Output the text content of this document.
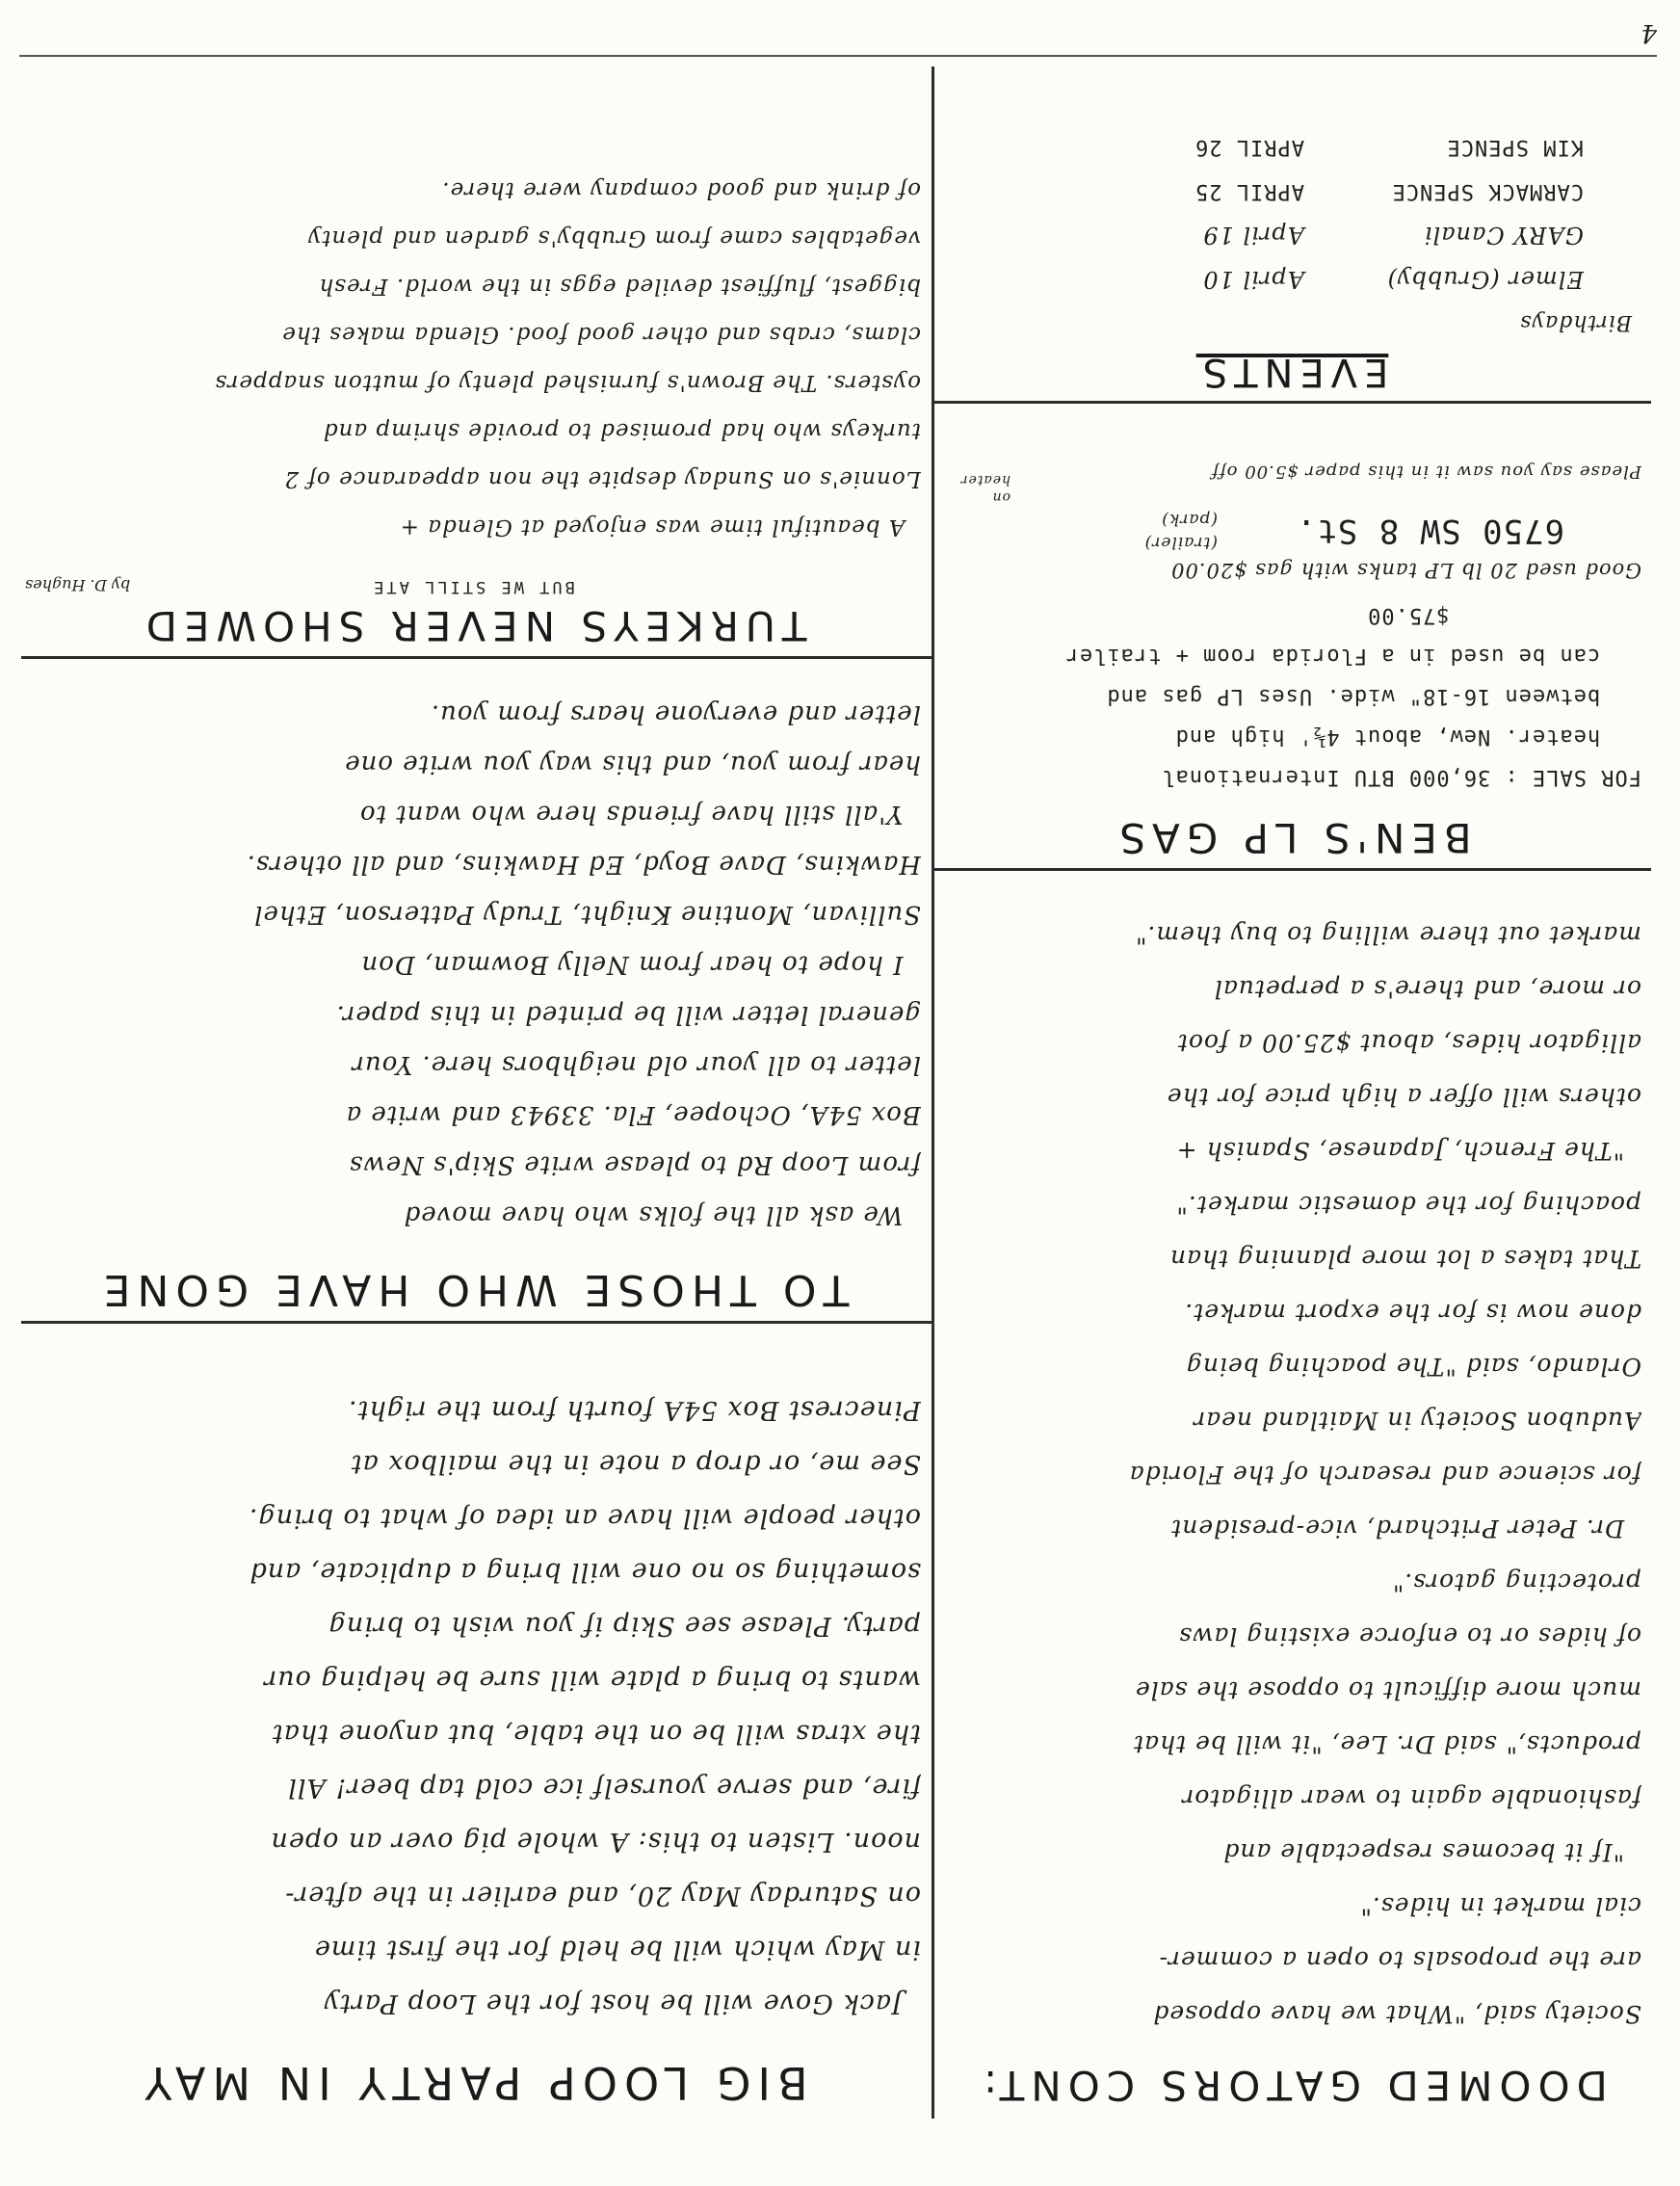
DOOMED GATORS CONT:

Society said, "What we have opposed
are the proposals to open a commer-
cial market in hides."
"If it becomes respectable and
fashionable again to wear alligator
products," said Dr. Lee, "it will be that
much more difficult to oppose the sale
of hides or to enforce existing laws
protecting gators."
Dr. Peter Pritchard, vice-president
for science and research of the Florida
Audubon Society in Maitland near
Orlando, said "The poaching being
done now is for the export market.
That takes a lot more planning than
poaching for the domestic market."
"The French, Japanese, Spanish +
others will offer a high price for the
alligator hides, about $25.00 a foot
or more, and there's a perpetual
market out there willing to buy them."

BEN'S LP GAS

FOR SALE : 36,000 BTU International
heater. New, about 4½' high and
between 16-18" wide. Uses LP gas and
can be used in a Florida room + trailer
$75.00

Good used 20 lb LP tanks with gas $20.00

6750 SW 8 St.

(trailer)
(park)

Please say you saw it in this paper $5.00 off

on
heater

EVENTS

Birthdays

Elmer (Grubby)
April 10
GARY Canali
April 19
CARMACK SPENCE
APRIL 25
KIM SPENCE
APRIL 26
BIG LOOP PARTY IN MAY

Jack Gove will be host for the Loop Party
in May which will be held for the first time
on Saturday May 20, and earlier in the after-
noon. Listen to this: A whole pig over an open
fire, and serve yourself ice cold tap beer! All
the xtras will be on the table, but anyone that
wants to bring a plate will sure be helping our
party. Please see Skip if you wish to bring
something so no one will bring a duplicate, and
other people will have an idea of what to bring.
See me, or drop a note in the mailbox at
Pinecrest Box 54A fourth from the right.

TO THOSE WHO HAVE GONE

We ask all the folks who have moved
from Loop Rd to please write Skip's News
Box 54A, Ochopee, Fla. 33943 and write a
letter to all your old neighbors here. Your
general letter will be printed in this paper.
I hope to hear from Nelly Bowman, Don
Sullivan, Montine Knight, Trudy Patterson, Ethel
Hawkins, Dave Boyd, Ed Hawkins, and all others.
Y'all still have friends here who want to
hear from you, and this way you write one
letter and everyone hears from you.

TURKEYS NEVER SHOWED

BUT WE STILL ATE

by D. Hughes

A beautiful time was enjoyed at Glenda +
Lonnie's on Sunday despite the non appearance of 2
turkeys who had promised to provide shrimp and
oysters. The Brown's furnished plenty of mutton snappers
clams, crabs and other good food. Glenda makes the
biggest, fluffiest deviled eggs in the world. Fresh
vegetables came from Grubby's garden and plenty
of drink and good company were there.

4
